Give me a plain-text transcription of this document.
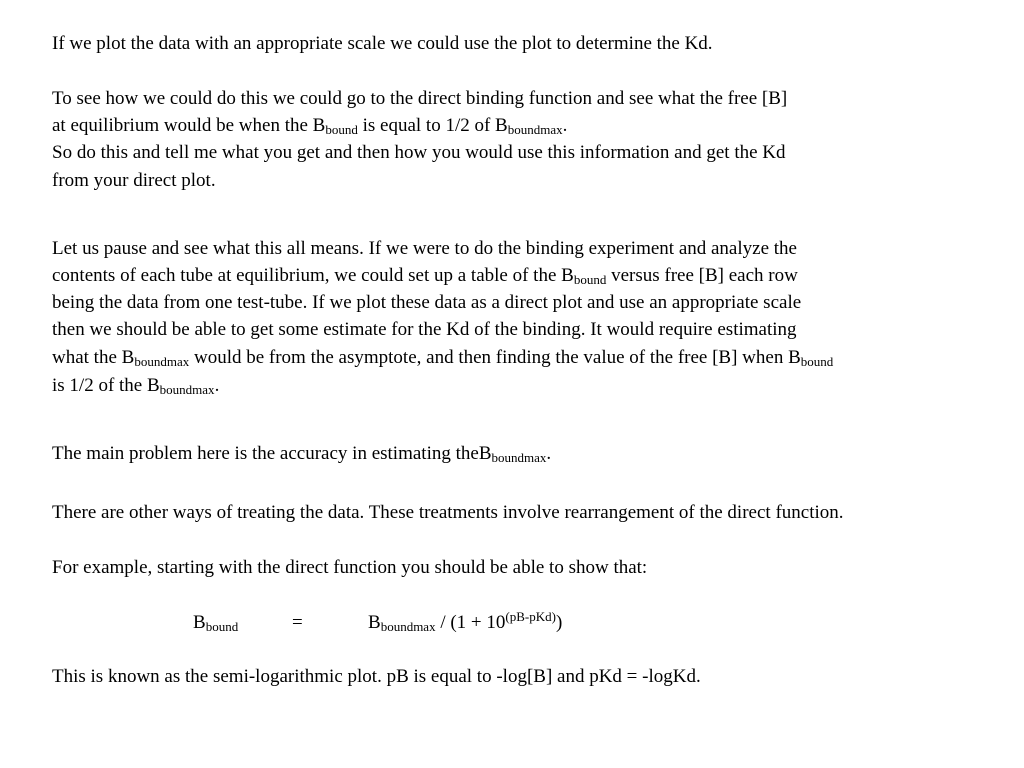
If we plot the data with an appropriate scale we could use the plot to determine the Kd.
To see how we could do this we could go to the direct binding function and see what the free [B]
at equilibrium would be when the $B_{bound}$ is equal to 1/2 of $B_{boundmax}$.
So do this and tell me what you get and then how you would use this information and get the Kd
from your direct plot.
Let us pause and see what this all means. If we were to do the binding experiment and analyze the
contents of each tube at equilibrium, we could set up a table of the $B_{bound}$ versus free [B] each row
being the data from one test-tube. If we plot these data as a direct plot and use an appropriate scale
then we should be able to get some estimate for the Kd of the binding. It would require estimating
what the $B_{boundmax}$ would be from the asymptote, and then finding the value of the free [B] when $B_{bound}$
is 1/2 of the $B_{boundmax}$.
The main problem here is the accuracy in estimating theB$_{boundmax}$.
There are other ways of treating the data. These treatments involve rearrangement of the direct function.
For example, starting with the direct function you should be able to show that:
$B_{bound}$	=	$B_{boundmax} / (1 + 10^{(pB-pKd)})$
This is known as the semi-logarithmic plot. pB is equal to -log[B] and pKd = -logKd.
